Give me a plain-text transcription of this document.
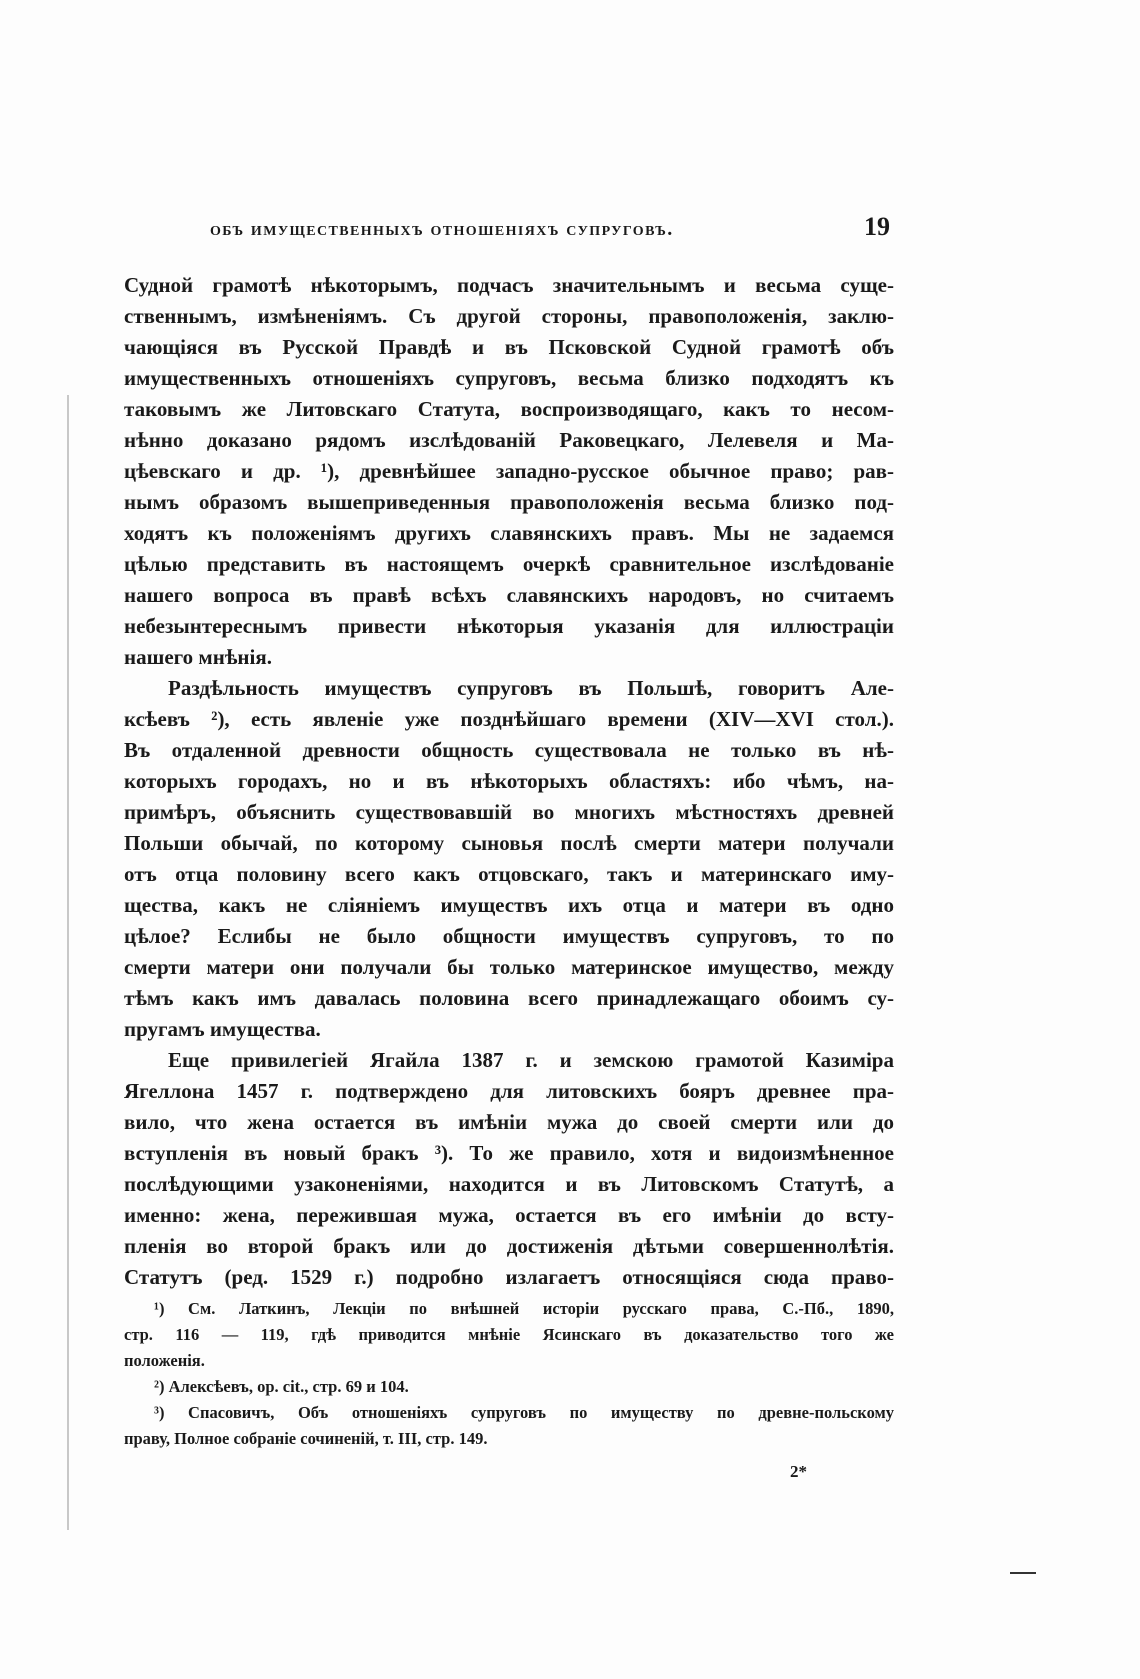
объ имущественныхъ отношеніяхъ супруговъ.	19
Судной грамотѣ нѣкоторымъ, подчасъ значительнымъ и весьма суще-
ственнымъ, измѣненіямъ. Съ другой стороны, правоположенія, заклю-
чающіяся въ Русской Правдѣ и въ Псковской Судной грамотѣ объ
имущественныхъ отношеніяхъ супруговъ, весьма близко подходятъ къ
таковымъ же Литовскаго Статута, воспроизводящаго, какъ то несом-
нѣнно доказано рядомъ изслѣдованій Раковецкаго, Лелевеля и Ма-
цѣевскаго и др. ¹), древнѣйшее западно-русское обычное право; рав-
нымъ образомъ вышеприведенныя правоположенія весьма близко под-
ходятъ къ положеніямъ другихъ славянскихъ правъ. Мы не задаемся
цѣлью представить въ настоящемъ очеркѣ сравнительное изслѣдованіе
нашего вопроса въ правѣ всѣхъ славянскихъ народовъ, но считаемъ
небезынтереснымъ привести нѣкоторыя указанія для иллюстраціи
нашего мнѣнія.
Раздѣльность имуществъ супруговъ въ Польшѣ, говоритъ Але-
ксѣевъ ²), есть явленіе уже позднѣйшаго времени (XIV—XVI стол.).
Въ отдаленной древности общность существовала не только въ нѣ-
которыхъ городахъ, но и въ нѣкоторыхъ областяхъ: ибо чѣмъ, на-
примѣръ, объяснить существовавшій во многихъ мѣстностяхъ древней
Польши обычай, по которому сыновья послѣ смерти матери получали
отъ отца половину всего какъ отцовскаго, такъ и материнскаго иму-
щества, какъ не сліяніемъ имуществъ ихъ отца и матери въ одно
цѣлое? Еслибы не было общности имуществъ супруговъ, то по
смерти матери они получали бы только материнское имущество, между
тѣмъ какъ имъ давалась половина всего принадлежащаго обоимъ су-
пругамъ имущества.
Еще привилегіей Ягайла 1387 г. и земскою грамотой Казиміра
Ягеллона 1457 г. подтверждено для литовскихъ бояръ древнее пра-
вило, что жена остается въ имѣніи мужа до своей смерти или до
вступленія въ новый бракъ ³). То же правило, хотя и видоизмѣненное
послѣдующими узаконеніями, находится и въ Литовскомъ Статутѣ, а
именно: жена, пережившая мужа, остается въ его имѣніи до всту-
пленія во второй бракъ или до достиженія дѣтьми совершеннолѣтія.
Статутъ (ред. 1529 г.) подробно излагаетъ относящіяся сюда право-
¹) См. Латкинъ, Лекціи по внѣшней исторіи русскаго права, С.-Пб., 1890,
стр. 116 — 119, гдѣ приводится мнѣніе Ясинскаго въ доказательство того же
положенія.
²) Алексѣевъ, op. cit., стр. 69 и 104.
³) Спасовичъ, Объ отношеніяхъ супруговъ по имуществу по древне-польскому
праву, Полное собраніе сочиненій, т. III, стр. 149.
2*
